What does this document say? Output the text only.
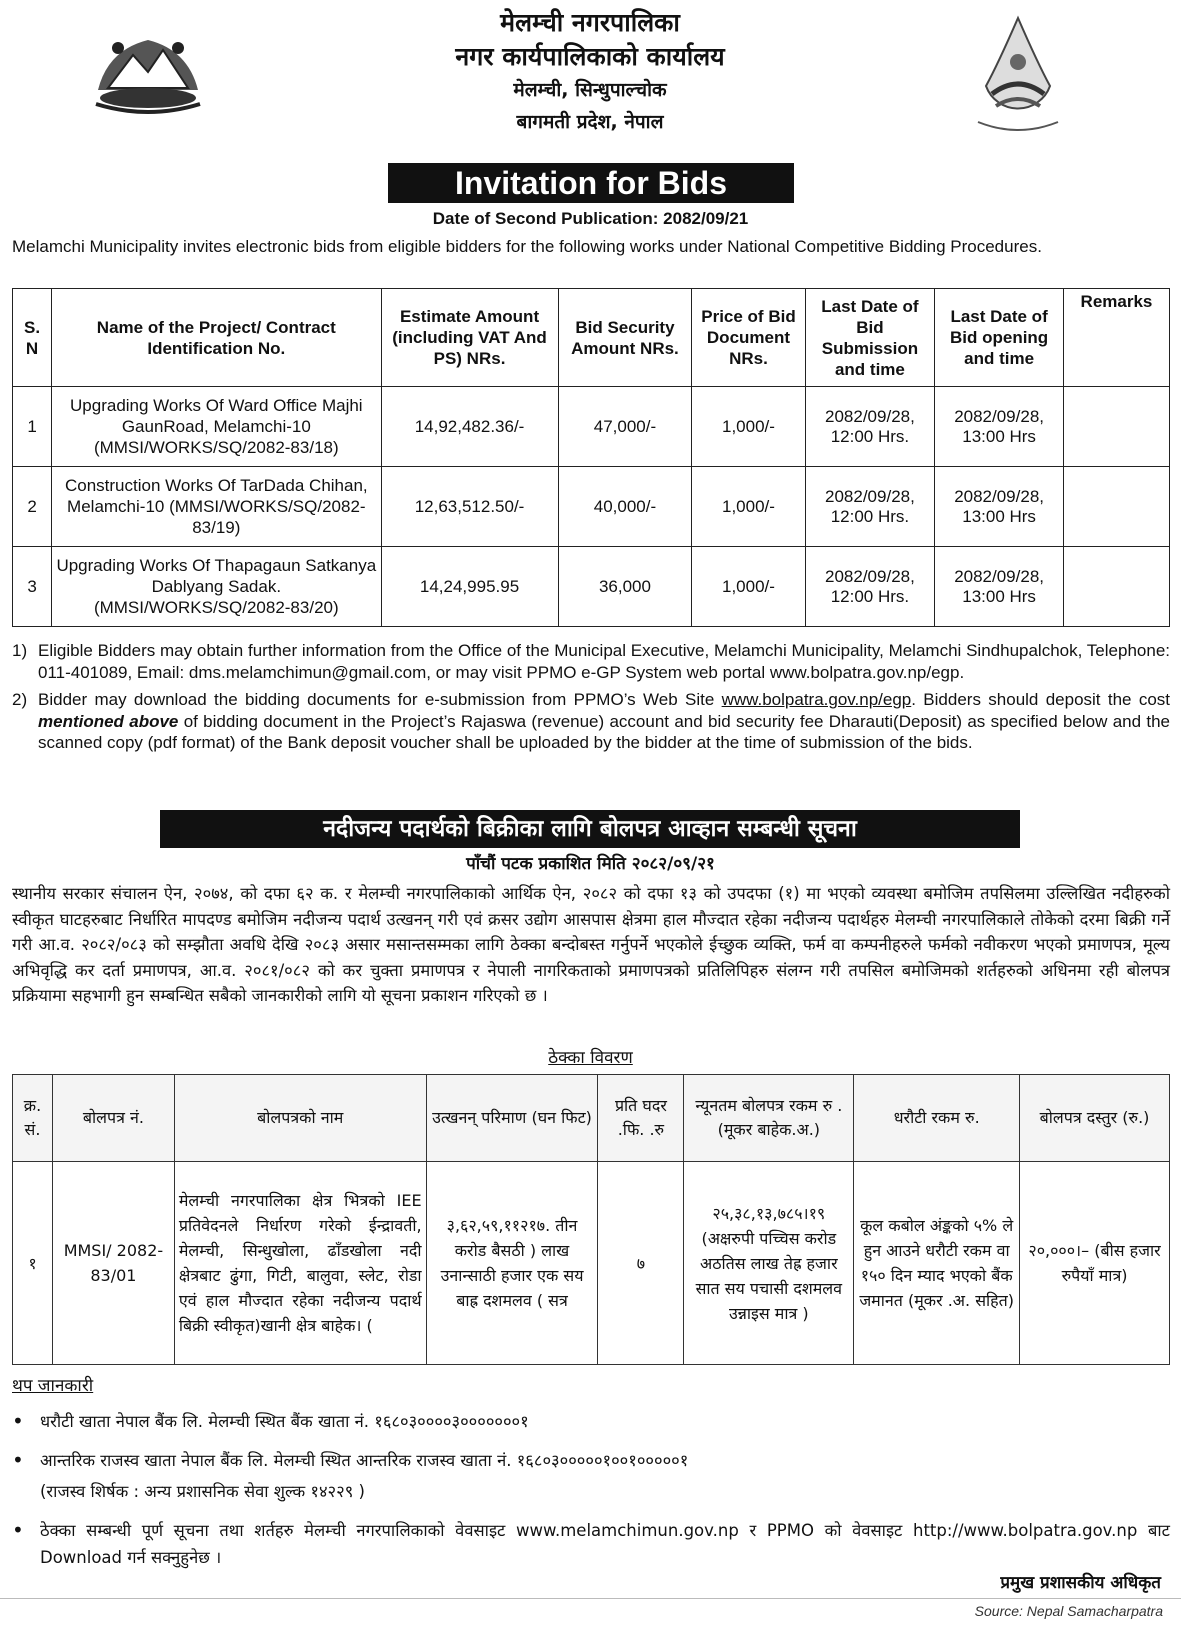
मेलम्ची नगरपालिका
नगर कार्यपालिकाको कार्यालय
मेलम्ची, सिन्धुपाल्चोक
बागमती प्रदेश, नेपाल
Invitation for Bids
Date of Second Publication: 2082/09/21
Melamchi Municipality invites electronic bids from eligible bidders for the following works under National Competitive Bidding Procedures.
S. N	Name of the Project/ Contract Identification No.	Estimate Amount (including VAT And PS) NRs.	Bid Security Amount NRs.	Price of Bid Document NRs.	Last Date of Bid Submission and time	Last Date of Bid opening and time	Remarks
1	Upgrading Works Of Ward Office Majhi GaunRoad, Melamchi-10 (MMSI/WORKS/SQ/2082-83/18)	14,92,482.36/-	47,000/-	1,000/-	2082/09/28, 12:00 Hrs.	2082/09/28, 13:00 Hrs	
2	Construction Works Of TarDada Chihan, Melamchi-10 (MMSI/WORKS/SQ/2082-83/19)	12,63,512.50/-	40,000/-	1,000/-	2082/09/28, 12:00 Hrs.	2082/09/28, 13:00 Hrs	
3	Upgrading Works Of Thapagaun Satkanya Dablyang Sadak. (MMSI/WORKS/SQ/2082-83/20)	14,24,995.95	36,000	1,000/-	2082/09/28, 12:00 Hrs.	2082/09/28, 13:00 Hrs	
1) Eligible Bidders may obtain further information from the Office of the Municipal Executive, Melamchi Municipality, Melamchi Sindhupalchok, Telephone: 011-401089, Email: dms.melamchimun@gmail.com, or may visit PPMO e-GP System web portal www.bolpatra.gov.np/egp.
2) Bidder may download the bidding documents for e-submission from PPMO’s Web Site www.bolpatra.gov.np/egp. Bidders should deposit the cost mentioned above of bidding document in the Project’s Rajaswa (revenue) account and bid security fee Dharauti(Deposit) as specified below and the scanned copy (pdf format) of the Bank deposit voucher shall be uploaded by the bidder at the time of submission of the bids.
नदीजन्य पदार्थको बिक्रीका लागि बोलपत्र आव्हान सम्बन्धी सूचना
पाँचौं पटक प्रकाशित मिति २०८२/०९/२१
स्थानीय सरकार संचालन ऐन, २०७४, को दफा ६२ क. र मेलम्ची नगरपालिकाको आर्थिक ऐन, २०८२ को दफा १३ को उपदफा (१) मा भएको व्यवस्था बमोजिम तपसिलमा उल्लिखित नदीहरुको स्वीकृत घाटहरुबाट निर्धारित मापदण्ड बमोजिम नदीजन्य पदार्थ उत्खनन् गरी एवं क्रसर उद्योग आसपास क्षेत्रमा हाल मौज्दात रहेका नदीजन्य पदार्थहरु मेलम्ची नगरपालिकाले तोकेको दरमा बिक्री गर्ने गरी आ.व. २०८२/०८३ को सम्झौता अवधि देखि २०८३ असार मसान्तसम्मका लागि ठेक्का बन्दोबस्त गर्नुपर्ने भएकोले ईच्छुक व्यक्ति, फर्म वा कम्पनीहरुले फर्मको नवीकरण भएको प्रमाणपत्र, मूल्य अभिवृद्धि कर दर्ता प्रमाणपत्र, आ.व. २०८१/०८२ को कर चुक्ता प्रमाणपत्र र नेपाली नागरिकताको प्रमाणपत्रको प्रतिलिपिहरु संलग्न गरी तपसिल बमोजिमको शर्तहरुको अधिनमा रही बोलपत्र प्रक्रियामा सहभागी हुन सम्बन्धित सबैको जानकारीको लागि यो सूचना प्रकाशन गरिएको छ ।
ठेक्का विवरण
क्र. सं.	बोलपत्र नं.	बोलपत्रको नाम	उत्खनन् परिमाण (घन फिट)	प्रति घदर .फि. .रु	न्यूनतम बोलपत्र रकम रु .(मूकर बाहेक.अ.)	धरौटी रकम रु.	बोलपत्र दस्तुर (रु.)
१	MMSI/ 2082-83/01	मेलम्ची नगरपालिका क्षेत्र भित्रको IEE प्रतिवेदनले निर्धारण गरेको ईन्द्रावती, मेलम्ची, सिन्धुखोला, ढाँडखोला नदी क्षेत्रबाट ढुंगा, गिटी, बालुवा, स्लेट, रोडा एवं हाल मौज्दात रहेका नदीजन्य पदार्थ बिक्री स्वीकृत)खानी क्षेत्र बाहेक। (	३,६२,५९,११२१७. तीन करोड बैसठी ) लाख उनान्साठी हजार एक सय बाह्र दशमलव ( सत्र	७	२५,३८,१३,७८५।१९ (अक्षरुपी पच्चिस करोड अठतिस लाख तेह्र हजार सात सय पचासी दशमलव उन्नाइस मात्र )	कूल कबोल अंङ्कको ५% ले हुन आउने धरौटी रकम वा १५० दिन म्याद भएको बैंक जमानत (मूकर .अ. सहित)	२०,०००।– (बीस हजार रुपैयाँ मात्र)
थप जानकारी
• धरौटी खाता नेपाल बैंक लि. मेलम्ची स्थित बैंक खाता नं. १६८०३००००३०००००००१
• आन्तरिक राजस्व खाता नेपाल बैंक लि. मेलम्ची स्थित आन्तरिक राजस्व खाता नं. १६८०३०००००१००१०००००१
(राजस्व शिर्षक : अन्य प्रशासनिक सेवा शुल्क १४२२९ )
• ठेक्का सम्बन्धी पूर्ण सूचना तथा शर्तहरु मेलम्ची नगरपालिकाको वेवसाइट www.melamchimun.gov.np र PPMO को वेवसाइट http://www.bolpatra.gov.np बाट Download गर्न सक्नुहुनेछ ।
प्रमुख प्रशासकीय अधिकृत
Source: Nepal Samacharpatra
